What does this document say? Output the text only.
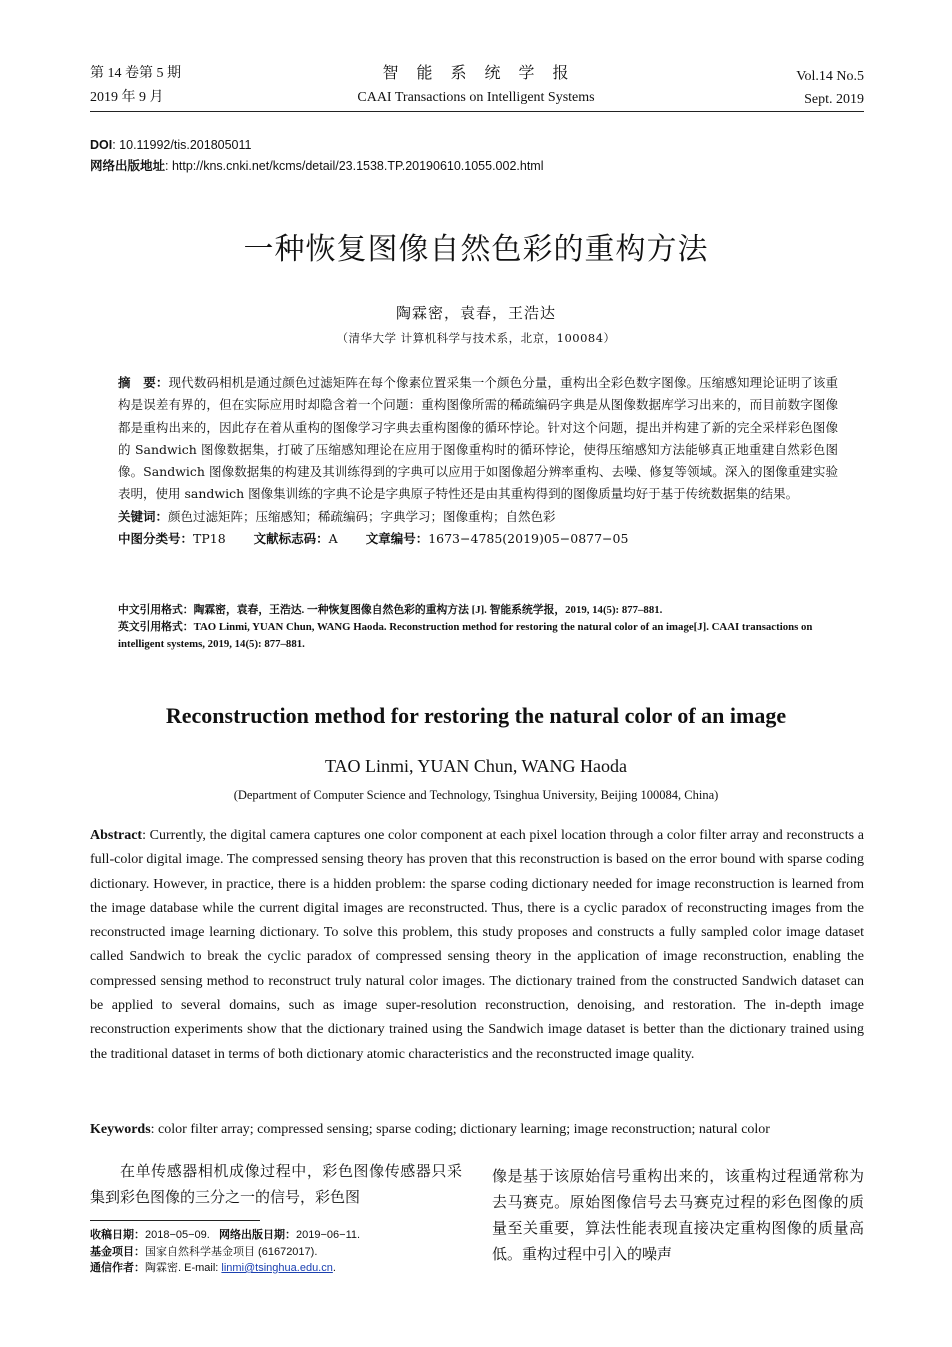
第 14 卷第 5 期
2019 年 9 月
智　能　系　统　学　报
CAAI Transactions on Intelligent Systems
Vol.14 No.5
Sept. 2019
DOI: 10.11992/tis.201805011
网络出版地址: http://kns.cnki.net/kcms/detail/23.1538.TP.20190610.1055.002.html
一种恢复图像自然色彩的重构方法
陶霖密，袁春，王浩达
（清华大学 计算机科学与技术系，北京，100084）
摘　要：现代数码相机是通过颜色过滤矩阵在每个像素位置采集一个颜色分量，重构出全彩色数字图像。压缩感知理论证明了该重构是误差有界的，但在实际应用时却隐含着一个问题：重构图像所需的稀疏编码字典是从图像数据库学习出来的，而目前数字图像都是重构出来的，因此存在着从重构的图像学习字典去重构图像的循环悖论。针对这个问题，提出并构建了新的完全采样彩色图像的 Sandwich 图像数据集，打破了压缩感知理论在应用于图像重构时的循环悖论，使得压缩感知方法能够真正地重建自然彩色图像。Sandwich 图像数据集的构建及其训练得到的字典可以应用于如图像超分辨率重构、去噪、修复等领域。深入的图像重建实验表明，使用 sandwich 图像集训练的字典不论是字典原子特性还是由其重构得到的图像质量均好于基于传统数据集的结果。
关键词：颜色过滤矩阵；压缩感知；稀疏编码；字典学习；图像重构；自然色彩
中图分类号：TP18 文献标志码：A 文章编号：1673−4785(2019)05−0877−05
中文引用格式：陶霖密，袁春，王浩达. 一种恢复图像自然色彩的重构方法 [J]. 智能系统学报，2019, 14(5): 877–881.
英文引用格式：TAO Linmi, YUAN Chun, WANG Haoda. Reconstruction method for restoring the natural color of an image[J]. CAAI transactions on intelligent systems, 2019, 14(5): 877–881.
Reconstruction method for restoring the natural color of an image
TAO Linmi, YUAN Chun, WANG Haoda
(Department of Computer Science and Technology, Tsinghua University, Beijing 100084, China)
Abstract: Currently, the digital camera captures one color component at each pixel location through a color filter array and reconstructs a full-color digital image. The compressed sensing theory has proven that this reconstruction is based on the error bound with sparse coding dictionary. However, in practice, there is a hidden problem: the sparse coding dictionary needed for image reconstruction is learned from the image database while the current digital images are reconstructed. Thus, there is a cyclic paradox of reconstructing images from the reconstructed image learning dictionary. To solve this problem, this study proposes and constructs a fully sampled color image dataset called Sandwich to break the cyclic paradox of compressed sensing theory in the application of image reconstruction, enabling the compressed sensing method to reconstruct truly natural color images. The dictionary trained from the constructed Sandwich dataset can be applied to several domains, such as image super-resolution reconstruction, denoising, and restoration. The in-depth image reconstruction experiments show that the dictionary trained using the Sandwich image dataset is better than the dictionary trained using the traditional dataset in terms of both dictionary atomic characteristics and the reconstructed image quality.
Keywords: color filter array; compressed sensing; sparse coding; dictionary learning; image reconstruction; natural color
在单传感器相机成像过程中，彩色图像传感器只采集到彩色图像的三分之一的信号，彩色图
像是基于该原始信号重构出来的，该重构过程通常称为去马赛克。原始图像信号去马赛克过程的彩色图像的质量至关重要，算法性能表现直接决定重构图像的质量高低。重构过程中引入的噪声
收稿日期：2018−05−09. 网络出版日期：2019−06−11.
基金项目：国家自然科学基金项目 (61672017).
通信作者：陶霖密. E-mail: linmi@tsinghua.edu.cn.
